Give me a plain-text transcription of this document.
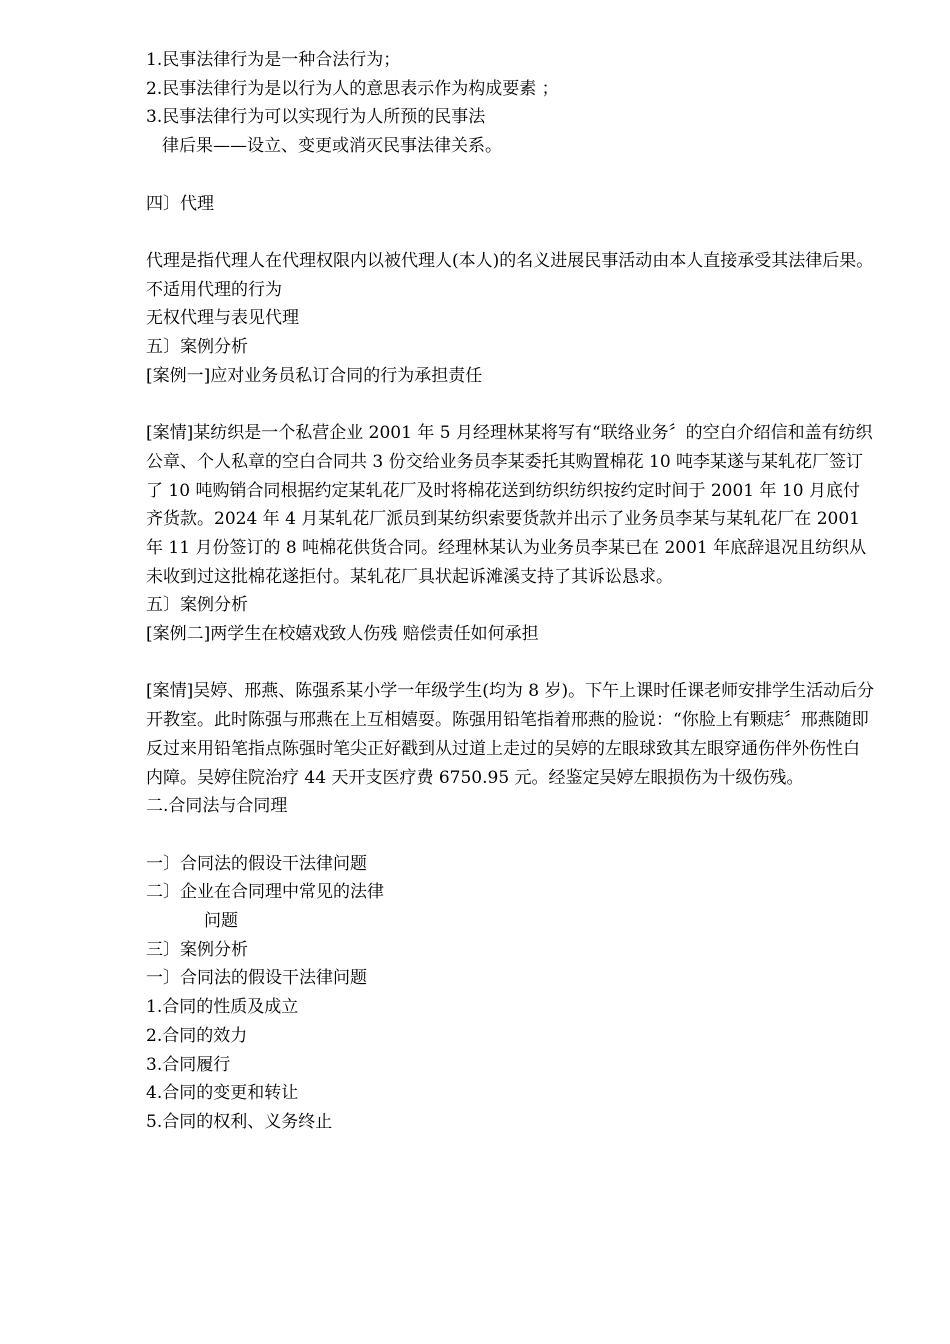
1.民事法律行为是一种合法行为；

2.民事法律行为是以行为人的意思表示作为构成要素 ；

3.民事法律行为可以实现行为人所预的民事法

律后果——设立、变更或消灭民事法律关系。

四〕代理

代理是指代理人在代理权限内以被代理人(本人)的名义进展民事活动由本人直接承受其法律后果。

不适用代理的行为

无权代理与表见代理

五〕案例分析

[案例一]应对业务员私订合同的行为承担责任

[案情]某纺织是一个私营企业 2001 年 5 月经理林某将写有“联络业务〞的空白介绍信和盖有纺织公章、个人私章的空白合同共 3 份交给业务员李某委托其购置棉花 10 吨李某遂与某轧花厂签订了 10 吨购销合同根据约定某轧花厂及时将棉花送到纺织纺织按约定时间于 2001 年 10 月底付齐货款。2024 年 4 月某轧花厂派员到某纺织索要货款并出示了业务员李某与某轧花厂在 2001 年 11 月份签订的 8 吨棉花供货合同。经理林某认为业务员李某已在 2001 年底辞退况且纺织从未收到过这批棉花遂拒付。某轧花厂具状起诉滩溪支持了其诉讼恳求。

五〕案例分析

[案例二]两学生在校嬉戏致人伤残 赔偿责任如何承担

[案情]吴婷、邢燕、陈强系某小学一年级学生(均为 8 岁)。下午上课时任课老师安排学生活动后分开教室。此时陈强与邢燕在上互相嬉耍。陈强用铅笔指着邢燕的脸说：“你脸上有颗痣〞邢燕随即反过来用铅笔指点陈强时笔尖正好戳到从过道上走过的吴婷的左眼球致其左眼穿通伤伴外伤性白内障。吴婷住院治疗 44 天开支医疗费 6750.95 元。经鉴定吴婷左眼损伤为十级伤残。

二.合同法与合同理

一〕合同法的假设干法律问题

二〕企业在合同理中常见的法律

问题

三〕案例分析

一〕合同法的假设干法律问题

1.合同的性质及成立

2.合同的效力

3.合同履行

4.合同的变更和转让

5.合同的权利、义务终止
